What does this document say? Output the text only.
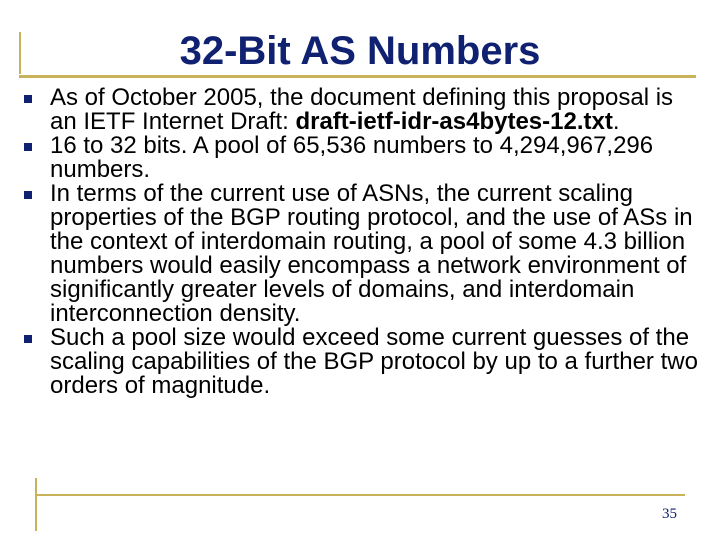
32-Bit AS Numbers
As of October 2005, the document defining this proposal is an IETF Internet Draft: draft-ietf-idr-as4bytes-12.txt.
16 to 32 bits. A pool of 65,536 numbers to 4,294,967,296 numbers.
In terms of the current use of ASNs, the current scaling properties of the BGP routing protocol, and the use of ASs in the context of interdomain routing, a pool of some 4.3 billion numbers would easily encompass a network environment of significantly greater levels of domains, and interdomain interconnection density.
Such a pool size would exceed some current guesses of the scaling capabilities of the BGP protocol by up to a further two orders of magnitude.
35
